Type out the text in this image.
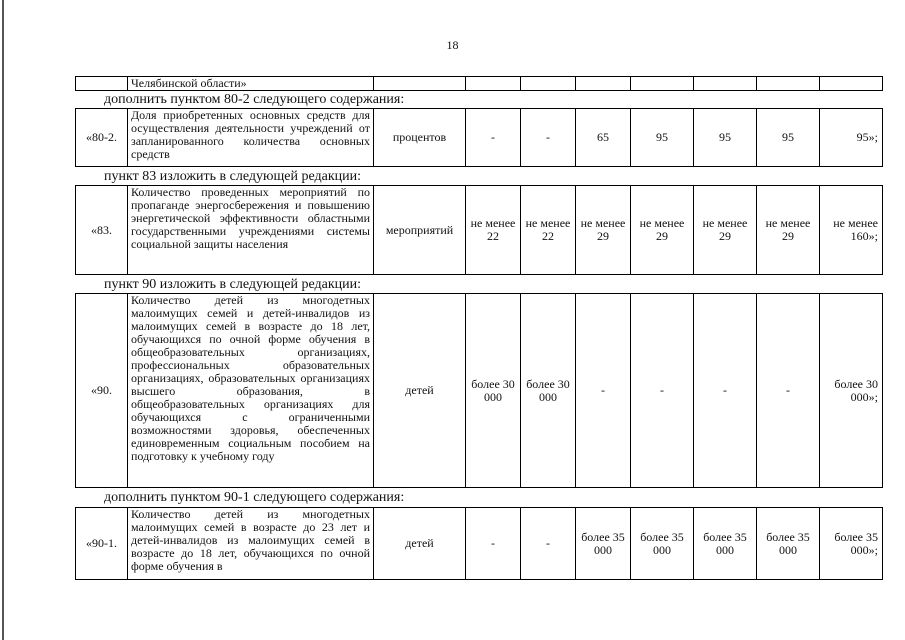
18
	Челябинской области»								
дополнить пунктом 80-2 следующего содержания:
«80-2.	Доля приобретенных основных средств для осуществления деятельности учреждений от запланированного количества основных средств	процентов	-	-	65	95	95	95	95»;
пункт 83 изложить в следующей редакции:
«83.	Количество проведенных мероприятий по пропаганде энергосбережения и повышению энергетической эффективности областными государственными учреждениями системы социальной защиты населения	мероприятий	не менее 22	не менее 22	не менее 29	не менее 29	не менее 29	не менее 29	не менее 160»;
пункт 90 изложить в следующей редакции:
«90.	Количество детей из многодетных малоимущих семей и детей-инвалидов из малоимущих семей в возрасте до 18 лет, обучающихся по очной форме обучения в общеобразовательных организациях, профессиональных образовательных организациях, образовательных организациях высшего образования, в общеобразовательных организациях для обучающихся с ограниченными возможностями здоровья, обеспеченных единовременным социальным пособием на подготовку к учебному году	детей	более 30 000	более 30 000	-	-	-	-	более 30 000»;
дополнить пунктом 90-1 следующего содержания:
«90-1.	Количество детей из многодетных малоимущих семей в возрасте до 23 лет и детей-инвалидов из малоимущих семей в возрасте до 18 лет, обучающихся по очной форме обучения в	детей	-	-	более 35 000	более 35 000	более 35 000	более 35 000	более 35 000»;
